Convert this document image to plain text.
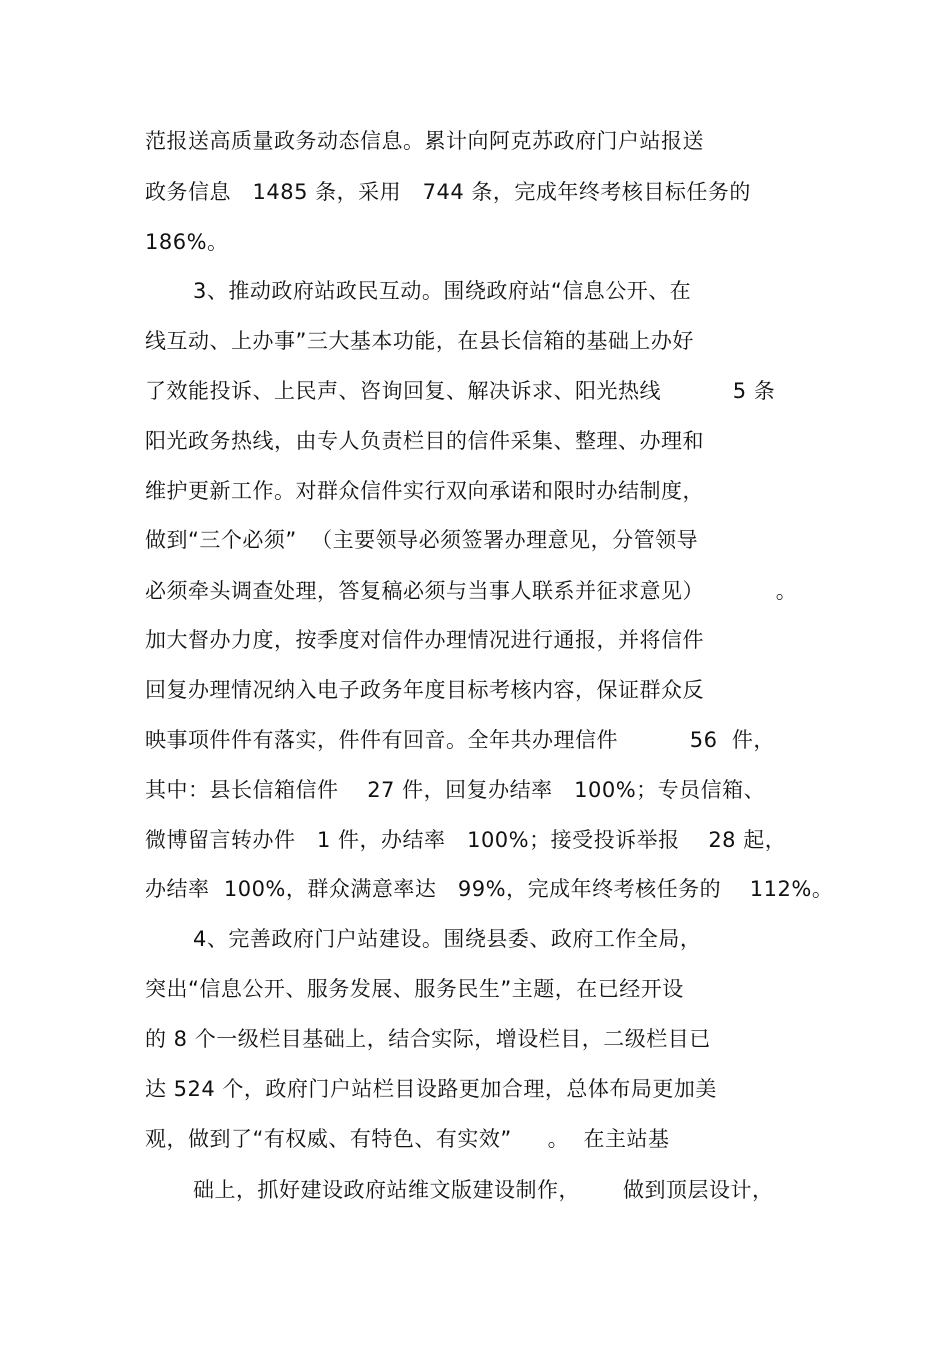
范报送高质量政务动态信息。累计向阿克苏政府门户站报送
政务信息   1485 条，采用   744 条，完成年终考核目标任务的
186%。
3、推动政府站政民互动。围绕政府站“信息公开、在
线互动、上办事”三大基本功能，在县长信箱的基础上办好
了效能投诉、上民声、咨询回复、解决诉求、阳光热线          5 条
阳光政务热线，由专人负责栏目的信件采集、整理、办理和
维护更新工作。对群众信件实行双向承诺和限时办结制度，
做到“三个必须”  （主要领导必须签署办理意见，分管领导
必须牵头调查处理，答复稿必须与当事人联系并征求意见）          。
加大督办力度，按季度对信件办理情况进行通报，并将信件
回复办理情况纳入电子政务年度目标考核内容，保证群众反
映事项件件有落实，件件有回音。全年共办理信件          56  件，
其中：县长信箱信件    27 件，回复办结率   100%；专员信箱、
微博留言转办件   1 件，办结率   100%；接受投诉举报    28 起，
办结率  100%，群众满意率达   99%，完成年终考核任务的    112%。
4、完善政府门户站建设。围绕县委、政府工作全局，
突出“信息公开、服务发展、服务民生”主题，在已经开设
的 8 个一级栏目基础上，结合实际，增设栏目，二级栏目已
达 524 个，政府门户站栏目设路更加合理，总体布局更加美
观，做到了“有权威、有特色、有实效”     。  在主站基
础上，抓好建设政府站维文版建设制作，      做到顶层设计，
